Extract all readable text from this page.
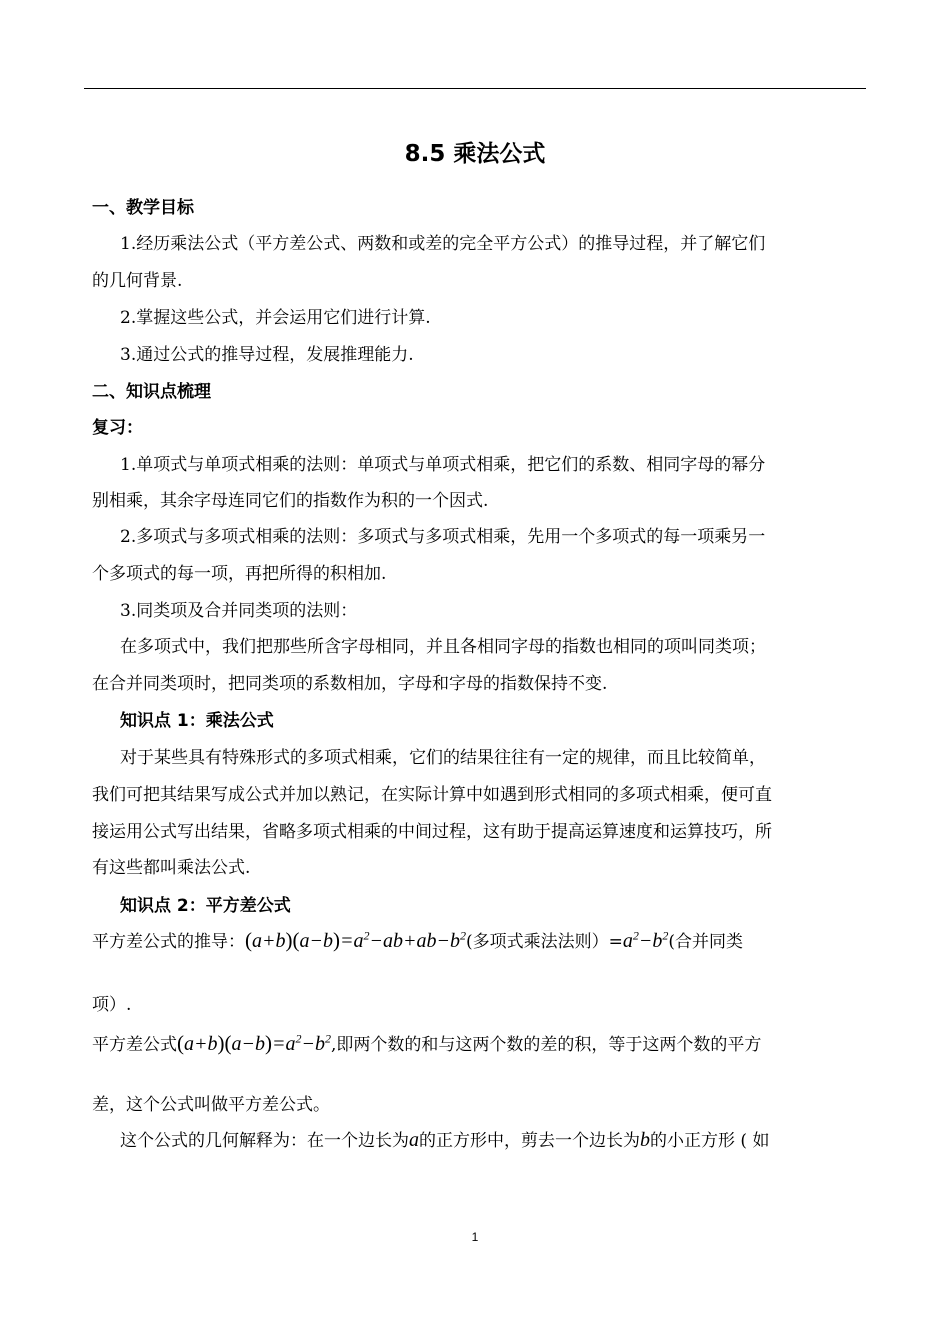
8.5 乘法公式
一、教学目标
1.经历乘法公式（平方差公式、两数和或差的完全平方公式）的推导过程，并了解它们
的几何背景.
2.掌握这些公式，并会运用它们进行计算.
3.通过公式的推导过程，发展推理能力.
二、知识点梳理
复习：
1.单项式与单项式相乘的法则：单项式与单项式相乘，把它们的系数、相同字母的幂分
别相乘，其余字母连同它们的指数作为积的一个因式.
2.多项式与多项式相乘的法则：多项式与多项式相乘，先用一个多项式的每一项乘另一
个多项式的每一项，再把所得的积相加.
3.同类项及合并同类项的法则：
在多项式中，我们把那些所含字母相同，并且各相同字母的指数也相同的项叫同类项；
在合并同类项时，把同类项的系数相加，字母和字母的指数保持不变.
知识点 1：乘法公式
对于某些具有特殊形式的多项式相乘，它们的结果往往有一定的规律，而且比较简单，
我们可把其结果写成公式并加以熟记，在实际计算中如遇到形式相同的多项式相乘，便可直
接运用公式写出结果，省略多项式相乘的中间过程，这有助于提高运算速度和运算技巧，所
有这些都叫乘法公式.
知识点 2：平方差公式
平方差公式的推导：$(a+b)(a-b)=a^2-ab+ab-b^2$(多项式乘法法则）$=a^2-b^2$(合并同类
项）.
平方差公式$(a+b)(a-b)=a^2-b^2$,即两个数的和与这两个数的差的积，等于这两个数的平方
差，这个公式叫做平方差公式。
这个公式的几何解释为：在一个边长为a的正方形中，剪去一个边长为b的小正方形 ( 如
1
